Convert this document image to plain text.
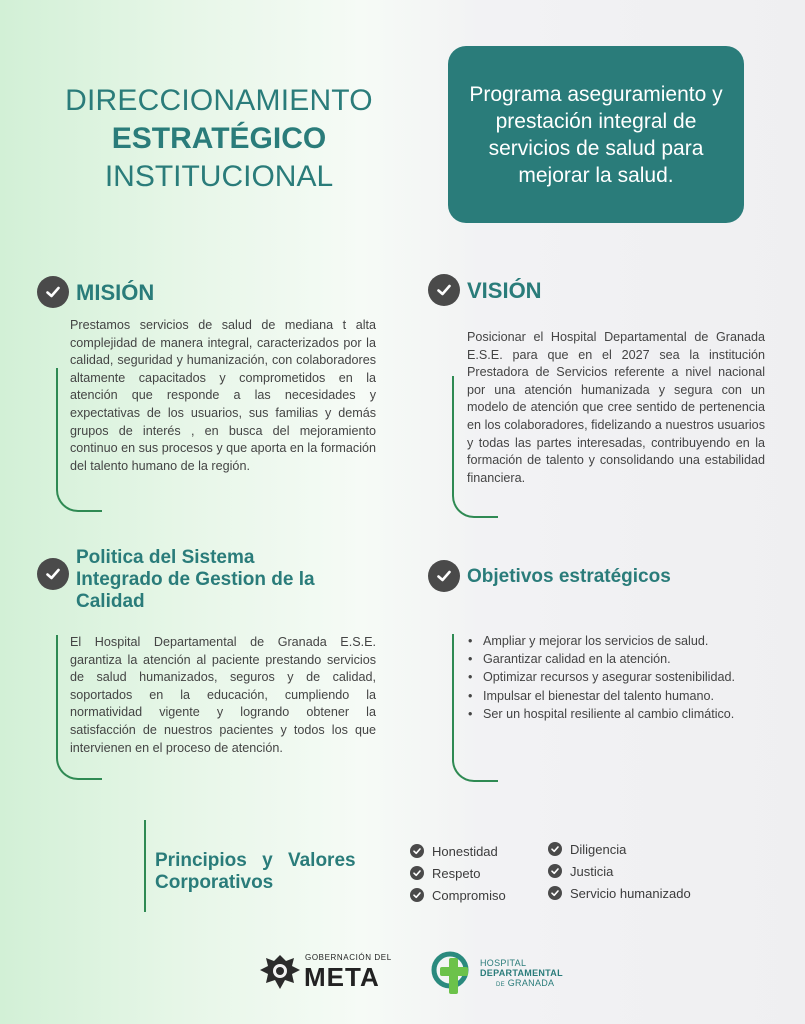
DIRECCIONAMIENTO
ESTRATÉGICO
INSTITUCIONAL
Programa aseguramiento y prestación integral de servicios de salud para mejorar la salud.
MISIÓN
Prestamos servicios de salud de mediana t alta complejidad de manera integral, caracterizados por la calidad, seguridad y humanización, con colaboradores altamente capacitados y comprometidos en la atención que responde a las necesidades y expectativas de los usuarios, sus familias y demás grupos de interés , en busca del mejoramiento continuo en sus procesos y que aporta en la formación del talento humano de la región.
VISIÓN
Posicionar el Hospital Departamental de Granada E.S.E. para que en el 2027 sea la institución Prestadora de Servicios referente a nivel nacional por una atención humanizada y segura con un modelo de atención que cree sentido de pertenencia en los colaboradores, fidelizando a nuestros usuarios y todas las partes interesadas, contribuyendo en la formación de talento y consolidando una estabilidad financiera.
Politica del Sistema
Integrado de Gestion de la
Calidad
El Hospital Departamental de Granada E.S.E. garantiza la atención al paciente prestando servicios de salud humanizados, seguros y de calidad, soportados en la educación, cumpliendo la normatividad vigente y logrando obtener la satisfacción de nuestros pacientes y todos los que intervienen en el proceso de atención.
Objetivos estratégicos
• Ampliar y mejorar los servicios de salud.
• Garantizar calidad en la atención.
• Optimizar recursos y asegurar sostenibilidad.
• Impulsar el bienestar del talento humano.
• Ser un hospital resiliente al cambio climático.
Principios y Valores
Corporativos
Honestidad
Respeto
Compromiso
Diligencia
Justicia
Servicio humanizado
GOBERNACIÓN DEL
META	HOSPITAL
DEPARTAMENTAL
DE GRANADA
